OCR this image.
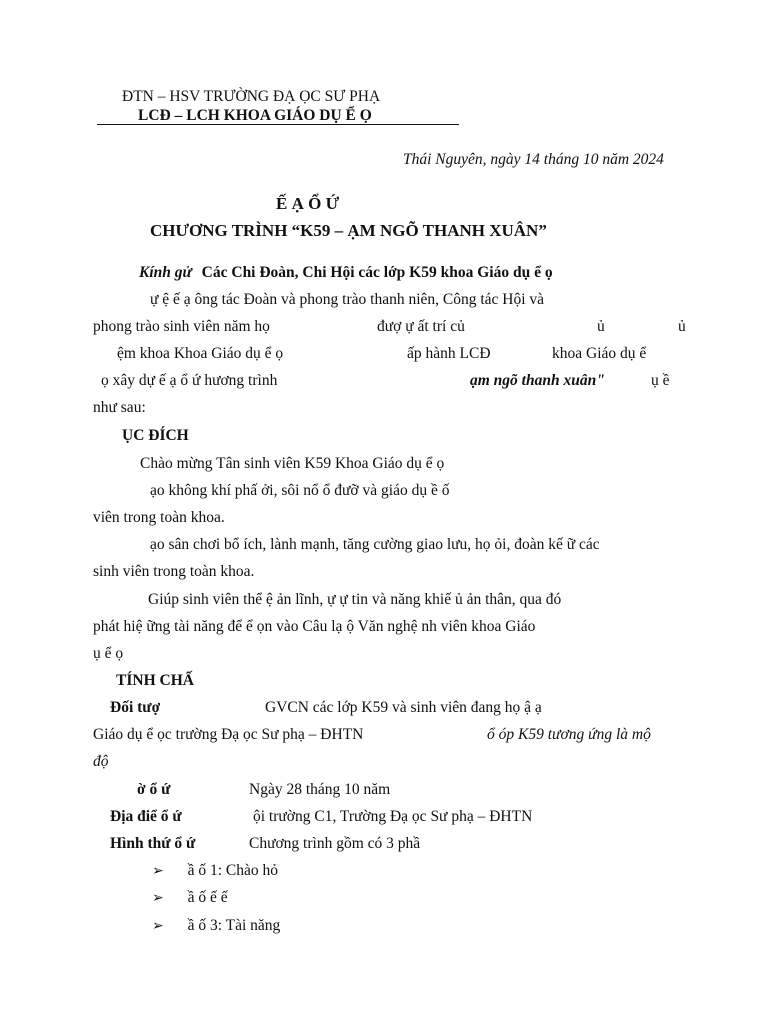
ĐTN – HSV TRƯỜNG ĐẠ ỌC SƯ PHẠ
LCĐ – LCH KHOA GIÁO DỤ Ể Ọ
Thái Nguyên, ngày 14 tháng 10 năm 2024
Ế Ạ Ổ Ứ
CHƯƠNG TRÌNH “K59 – ẠM NGÕ THANH XUÂN”
Kính gử Các Chi Đoàn, Chi Hội các lớp K59 khoa Giáo dụ ể ọ
ự ệ ế ạ ông tác Đoàn và phong trào thanh niên, Công tác Hội và
phong trào sinh viên năm họ	đượ ự ất trí củ	ủ	ủ
ệm khoa Khoa Giáo dụ ể ọ	ấp hành LCĐ	khoa Giáo dụ ể
ọ xây dự ế ạ ổ ứ hương trình	ạm ngõ thanh xuân"	ụ ề
như sau:
ỤC ĐÍCH
Chào mừng Tân sinh viên K59 Khoa Giáo dụ ể ọ
ạo không khí phấ ởi, sôi nổ ổ đưỡ và giáo dụ ề ố
viên trong toàn khoa.
ạo sân chơi bổ ích, lành mạnh, tăng cường giao lưu, họ ỏi, đoàn kế ữ các
sinh viên trong toàn khoa.
Giúp sinh viên thể ệ ản lĩnh, ự ự tin và năng khiế ủ ản thân, qua đó
phát hiệ ững tài năng để ể ọn vào Câu lạ ộ Văn nghệ nh viên khoa Giáo
ụ ể ọ
TÍNH CHẤ
Đối tượ	GVCN các lớp K59 và sinh viên đang họ ậ ạ
Giáo dụ ể ọc trường Đạ ọc Sư phạ – ĐHTN	ổ óp K59 tương ứng là mộ
độ
ờ ổ ứ	Ngày 28 tháng 10 năm
Địa điể ổ ứ	ội trường C1, Trường Đạ ọc Sư phạ – ĐHTN
Hình thứ ổ ứ	Chương trình gồm có 3 phầ
➢ ầ ố 1: Chào hỏ
➢ ầ ố ế ế
➢ ầ ố 3: Tài năng
